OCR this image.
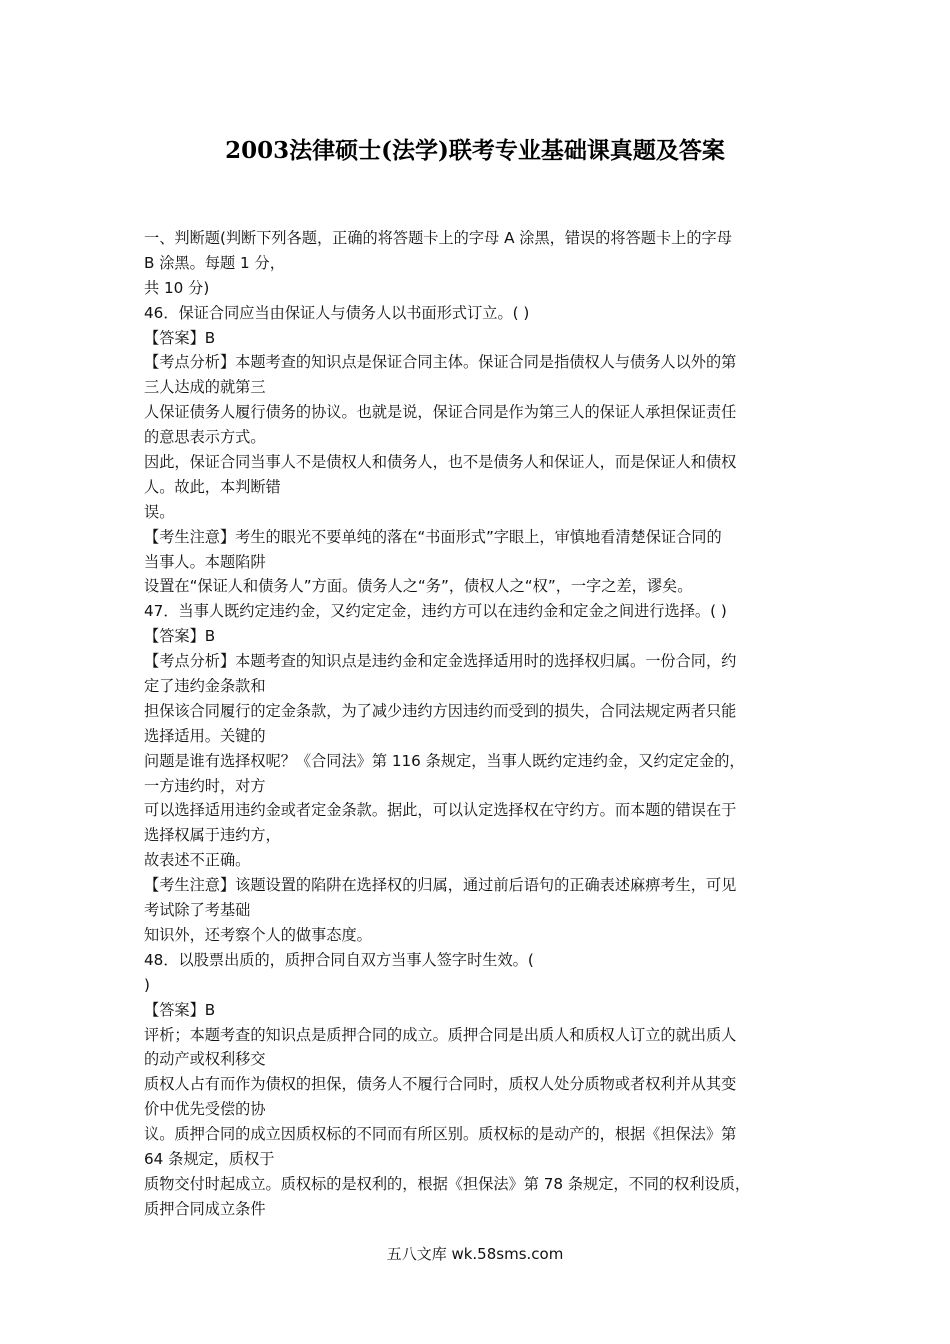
2003法律硕士(法学)联考专业基础课真题及答案
一、判断题(判断下列各题，正确的将答题卡上的字母 A 涂黑，错误的将答题卡上的字母
B 涂黑。每题 1 分，
共 10 分)
46．保证合同应当由保证人与债务人以书面形式订立。( )
【答案】B
【考点分析】本题考查的知识点是保证合同主体。保证合同是指债权人与债务人以外的第
三人达成的就第三
人保证债务人履行债务的协议。也就是说，保证合同是作为第三人的保证人承担保证责任
的意思表示方式。
因此，保证合同当事人不是债权人和债务人，也不是债务人和保证人，而是保证人和债权
人。故此，本判断错
误。
【考生注意】考生的眼光不要单纯的落在“书面形式”字眼上，审慎地看清楚保证合同的
当事人。本题陷阱
设置在“保证人和债务人”方面。债务人之“务”，债权人之“权”，一字之差，谬矣。
47．当事人既约定违约金，又约定定金，违约方可以在违约金和定金之间进行选择。( )
【答案】B
【考点分析】本题考查的知识点是违约金和定金选择适用时的选择权归属。一份合同，约
定了违约金条款和
担保该合同履行的定金条款，为了减少违约方因违约而受到的损失，合同法规定两者只能
选择适用。关键的
问题是谁有选择权呢？《合同法》第 116 条规定，当事人既约定违约金，又约定定金的，
一方违约时，对方
可以选择适用违约金或者定金条款。据此，可以认定选择权在守约方。而本题的错误在于
选择权属于违约方，
故表述不正确。
【考生注意】该题设置的陷阱在选择权的归属，通过前后语句的正确表述麻痹考生，可见
考试除了考基础
知识外，还考察个人的做事态度。
48．以股票出质的，质押合同自双方当事人签字时生效。(
)
【答案】B
评析；本题考查的知识点是质押合同的成立。质押合同是出质人和质权人订立的就出质人
的动产或权利移交
质权人占有而作为债权的担保，债务人不履行合同时，质权人处分质物或者权利并从其变
价中优先受偿的协
议。质押合同的成立因质权标的不同而有所区别。质权标的是动产的，根据《担保法》第
64 条规定，质权于
质物交付时起成立。质权标的是权利的，根据《担保法》第 78 条规定，不同的权利设质，
质押合同成立条件
五八文库 wk.58sms.com
